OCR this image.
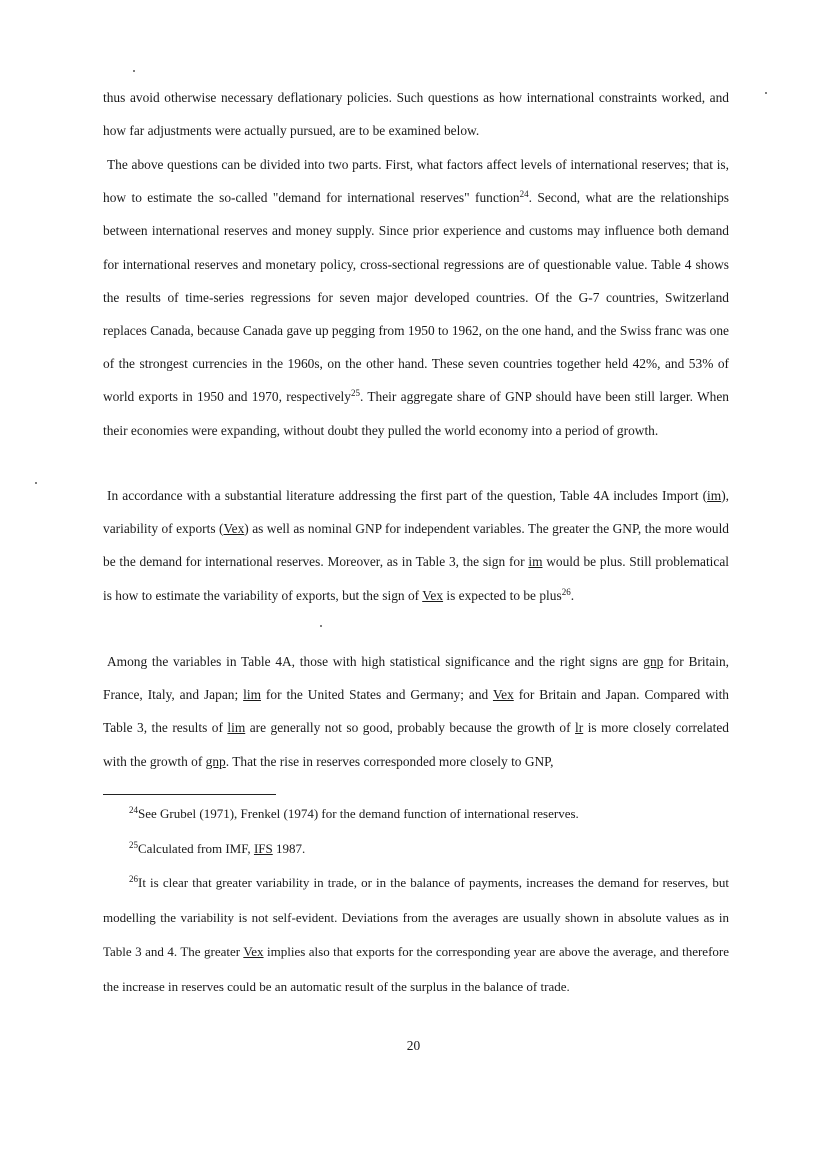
thus avoid otherwise necessary deflationary policies. Such questions as how international constraints worked, and how far adjustments were actually pursued, are to be examined below.

The above questions can be divided into two parts. First, what factors affect levels of international reserves; that is, how to estimate the so-called "demand for international reserves" function$^{24}$. Second, what are the relationships between international reserves and money supply. Since prior experience and customs may influence both demand for international reserves and monetary policy, cross-sectional regressions are of questionable value. Table 4 shows the results of time-series regressions for seven major developed countries. Of the G-7 countries, Switzerland replaces Canada, because Canada gave up pegging from 1950 to 1962, on the one hand, and the Swiss franc was one of the strongest currencies in the 1960s, on the other hand. These seven countries together held 42%, and 53% of world exports in 1950 and 1970, respectively$^{25}$. Their aggregate share of GNP should have been still larger. When their economies were expanding, without doubt they pulled the world economy into a period of growth.

In accordance with a substantial literature addressing the first part of the question, Table 4A includes Import (im), variability of exports (Vex) as well as nominal GNP for independent variables. The greater the GNP, the more would be the demand for international reserves. Moreover, as in Table 3, the sign for im would be plus. Still problematical is how to estimate the variability of exports, but the sign of Vex is expected to be plus$^{26}$.

Among the variables in Table 4A, those with high statistical significance and the right signs are gnp for Britain, France, Italy, and Japan; lim for the United States and Germany; and Vex for Britain and Japan. Compared with Table 3, the results of lim are generally not so good, probably because the growth of lr is more closely correlated with the growth of gnp. That the rise in reserves corresponded more closely to GNP,

$^{24}$See Grubel (1971), Frenkel (1974) for the demand function of international reserves.

$^{25}$Calculated from IMF, IFS 1987.

$^{26}$It is clear that greater variability in trade, or in the balance of payments, increases the demand for reserves, but modelling the variability is not self-evident. Deviations from the averages are usually shown in absolute values as in Table 3 and 4. The greater Vex implies also that exports for the corresponding year are above the average, and therefore the increase in reserves could be an automatic result of the surplus in the balance of trade.

20
